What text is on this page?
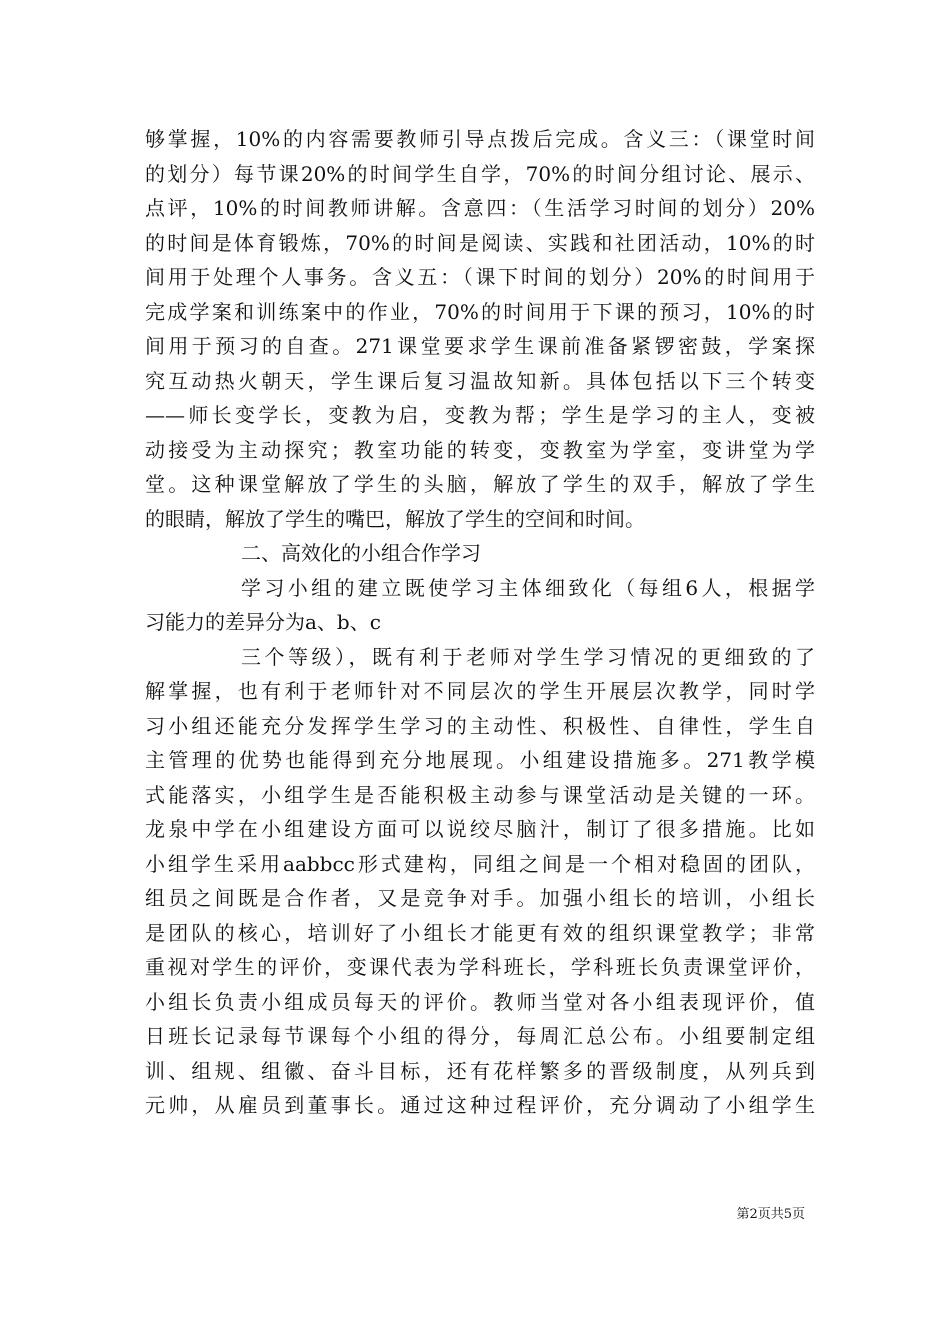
够掌握，10%的内容需要教师引导点拨后完成。含义三：（课堂时间
的划分）每节课20%的时间学生自学，70%的时间分组讨论、展示、
点评，10%的时间教师讲解。含意四：（生活学习时间的划分）20%
的时间是体育锻炼，70%的时间是阅读、实践和社团活动，10%的时
间用于处理个人事务。含义五：（课下时间的划分）20%的时间用于
完成学案和训练案中的作业，70%的时间用于下课的预习，10%的时
间用于预习的自查。271课堂要求学生课前准备紧锣密鼓，学案探
究互动热火朝天，学生课后复习温故知新。具体包括以下三个转变
——师长变学长，变教为启，变教为帮；学生是学习的主人，变被
动接受为主动探究；教室功能的转变，变教室为学室，变讲堂为学
堂。这种课堂解放了学生的头脑，解放了学生的双手，解放了学生
的眼睛，解放了学生的嘴巴，解放了学生的空间和时间。
二、高效化的小组合作学习
学习小组的建立既使学习主体细致化（每组6人，根据学
习能力的差异分为a、b、c
三个等级），既有利于老师对学生学习情况的更细致的了
解掌握，也有利于老师针对不同层次的学生开展层次教学，同时学
习小组还能充分发挥学生学习的主动性、积极性、自律性，学生自
主管理的优势也能得到充分地展现。小组建设措施多。271教学模
式能落实，小组学生是否能积极主动参与课堂活动是关键的一环。
龙泉中学在小组建设方面可以说绞尽脑汁，制订了很多措施。比如
小组学生采用aabbcc形式建构，同组之间是一个相对稳固的团队，
组员之间既是合作者，又是竞争对手。加强小组长的培训，小组长
是团队的核心，培训好了小组长才能更有效的组织课堂教学；非常
重视对学生的评价，变课代表为学科班长，学科班长负责课堂评价，
小组长负责小组成员每天的评价。教师当堂对各小组表现评价，值
日班长记录每节课每个小组的得分，每周汇总公布。小组要制定组
训、组规、组徽、奋斗目标，还有花样繁多的晋级制度，从列兵到
元帅，从雇员到董事长。通过这种过程评价，充分调动了小组学生
第2页共5页
